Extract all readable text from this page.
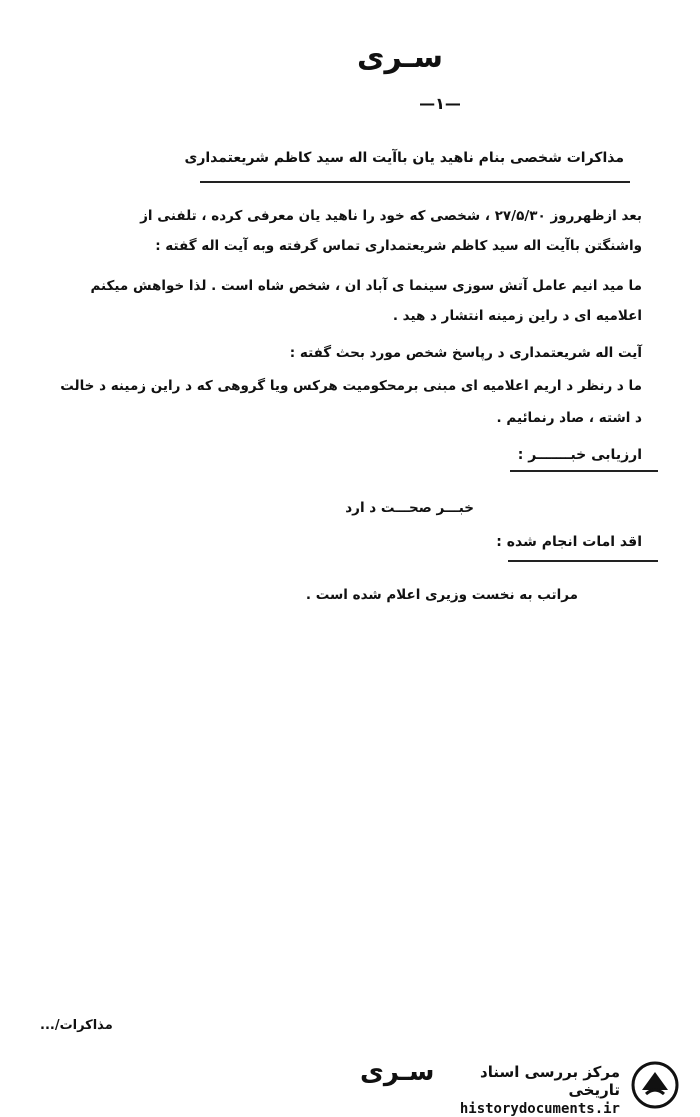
سـری
—۱—
مذاکرات شخصی بنام ناهید یان باآیت اله سید کاظم شریعتمداری
بعد ازظهرروز ۲۷/۵/۳۰ ، شخصی که خود را ناهید یان معرفی کرده ، تلفنی از
واشنگتن باآیت اله سید کاظم شریعتمداری تماس گرفته وبه آیت اله گفته :
ما مید انیم عامل آتش سوزی سینما ی آباد ان ، شخص شاه است . لذا خواهش میکنم
اعلامیه ای د راین زمینه انتشار د هید .
آیت اله شریعتمداری د رپاسخ شخص مورد بحث گفته :
ما د رنظر د اریم اعلامیه ای مبنی برمحکومیت هرکس ویا گروهی که د راین زمینه د خالت
د اشته ، صاد رنمائیم .
ارزیابی خبـــــــر :
خبـــر صحـــت د ارد
اقد امات انجام شده :
مراتب به نخست وزیری اعلام شده است .
مذاکرات/...
سـری	مرکز بررسی اسناد تاریخی
historydocuments.ir
